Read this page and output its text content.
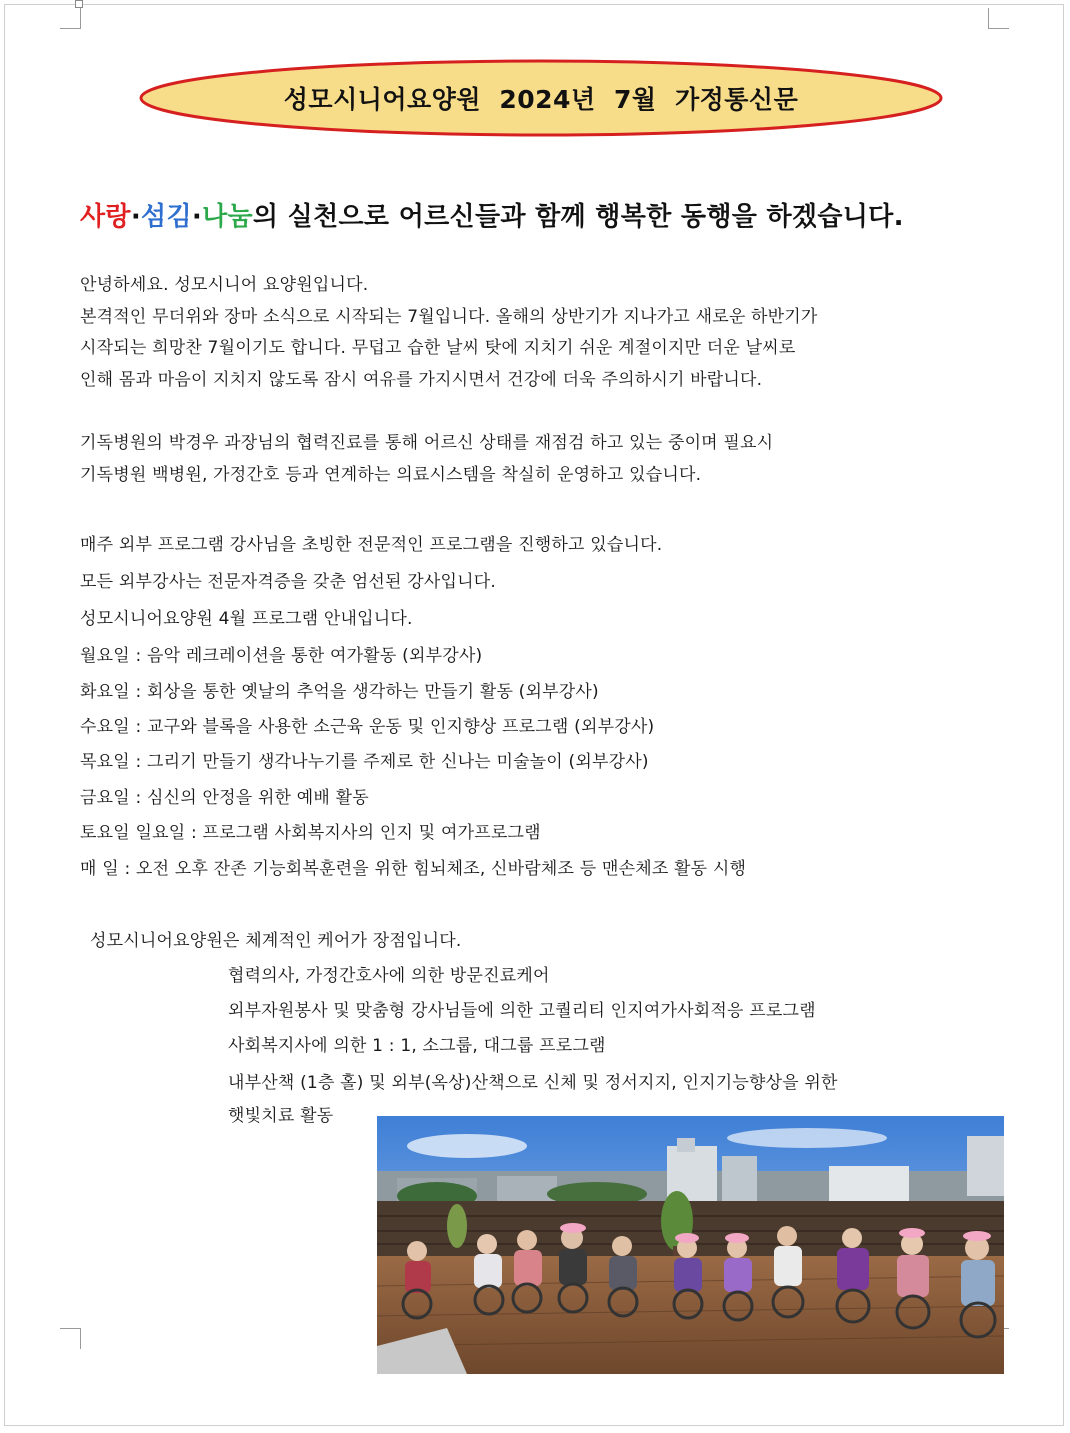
성모시니어요양원  2024년  7월  가정통신문
사랑·섬김·나눔의 실천으로 어르신들과 함께 행복한 동행을 하겠습니다.
안녕하세요. 성모시니어 요양원입니다.
본격적인 무더위와 장마 소식으로 시작되는 7월입니다. 올해의 상반기가 지나가고 새로운 하반기가
시작되는 희망찬 7월이기도 합니다. 무덥고 습한 날씨 탓에 지치기 쉬운 계절이지만 더운 날씨로
인해 몸과 마음이 지치지 않도록 잠시 여유를 가지시면서 건강에 더욱 주의하시기 바랍니다.
기독병원의 박경우 과장님의 협력진료를 통해 어르신 상태를 재점검 하고 있는 중이며 필요시
기독병원 백병원, 가정간호 등과 연계하는 의료시스템을 착실히 운영하고 있습니다.
매주 외부 프로그램 강사님을 초빙한 전문적인 프로그램을 진행하고 있습니다.
모든 외부강사는 전문자격증을 갖춘 엄선된 강사입니다.
성모시니어요양원 4월 프로그램 안내입니다.
월요일 : 음악 레크레이션을 통한 여가활동 (외부강사)
화요일 : 회상을 통한 옛날의 추억을 생각하는 만들기 활동 (외부강사)
수요일 : 교구와 블록을 사용한 소근육 운동 및 인지향상 프로그램 (외부강사)
목요일 : 그리기 만들기 생각나누기를 주제로 한 신나는 미술놀이 (외부강사)
금요일 : 심신의 안정을 위한 예배 활동
토요일 일요일 : 프로그램 사회복지사의 인지 및 여가프로그램
매 일 : 오전 오후 잔존 기능회복훈련을 위한 힘뇌체조, 신바람체조 등 맨손체조 활동 시행
성모시니어요양원은 체계적인 케어가 장점입니다.
협력의사, 가정간호사에 의한 방문진료케어
외부자원봉사 및 맞춤형 강사님들에 의한 고퀄리티 인지여가사회적응 프로그램
사회복지사에 의한 1 : 1, 소그룹, 대그룹 프로그램
내부산책 (1층 홀) 및 외부(옥상)산책으로 신체 및 정서지지, 인지기능향상을 위한
햇빛치료 활동
